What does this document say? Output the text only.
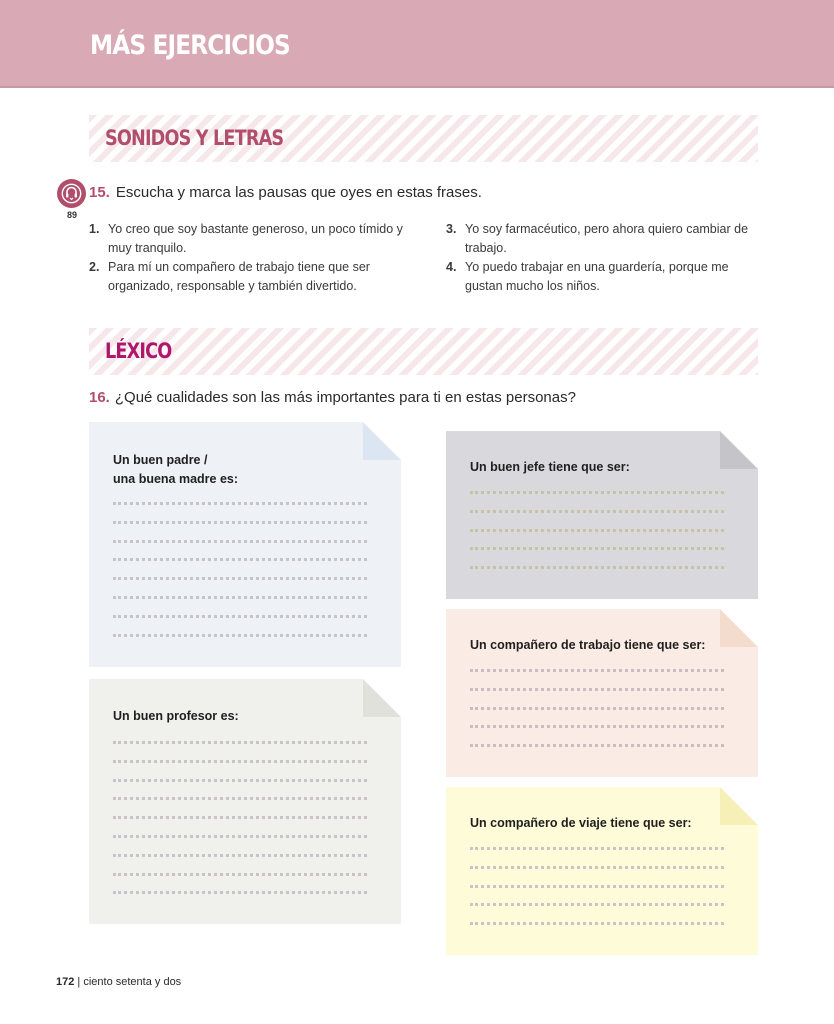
MÁS EJERCICIOS
SONIDOS Y LETRAS
89

15. Escucha y marca las pausas que oyes en estas frases.

1. Yo creo que soy bastante generoso, un poco tímido y muy tranquilo.
2. Para mí un compañero de trabajo tiene que ser organizado, responsable y también divertido.
3. Yo soy farmacéutico, pero ahora quiero cambiar de trabajo.
4. Yo puedo trabajar en una guardería, porque me gustan mucho los niños.
LÉXICO

16. ¿Qué cualidades son las más importantes para ti en estas personas?

Un buen padre /
una buena madre es:

Un buen profesor es:

Un buen jefe tiene que ser:

Un compañero de trabajo tiene que ser:

Un compañero de viaje tiene que ser:

172 | ciento setenta y dos
